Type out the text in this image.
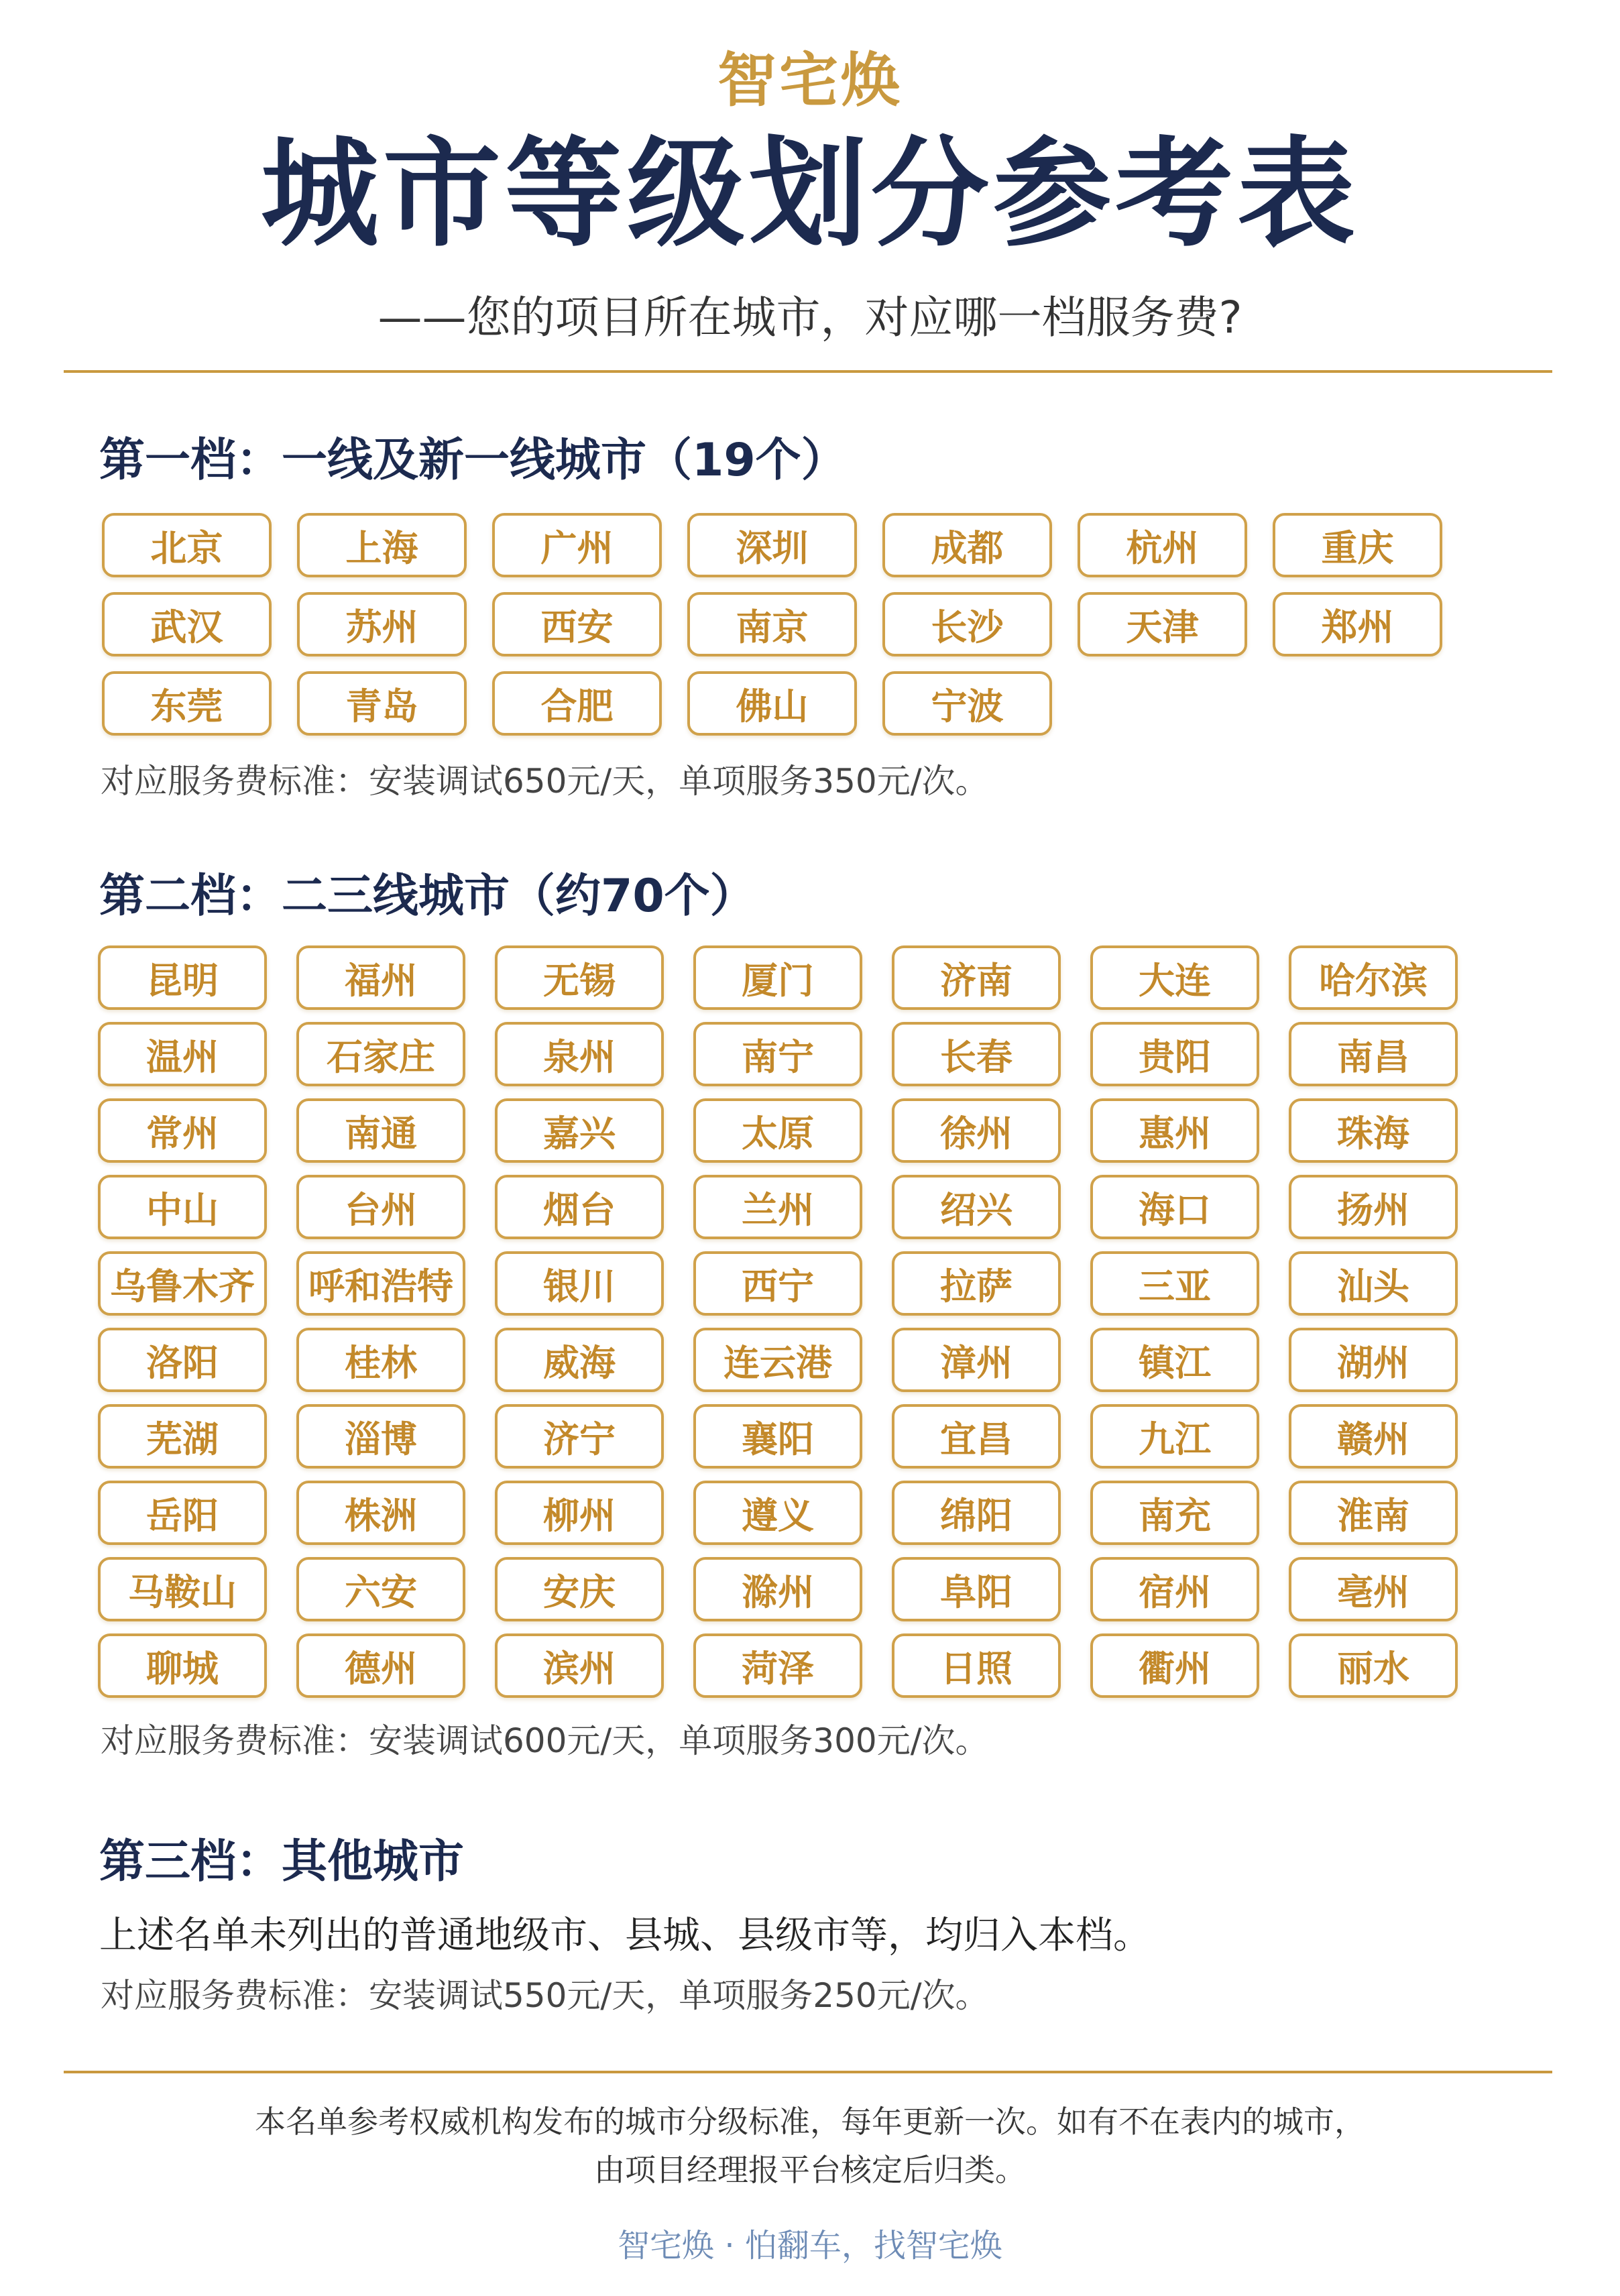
智宅焕
城市等级划分参考表
——您的项目所在城市，对应哪一档服务费?
第一档：一线及新一线城市（19个）
北京	上海	广州	深圳	成都	杭州	重庆
武汉	苏州	西安	南京	长沙	天津	郑州
东莞	青岛	合肥	佛山	宁波
对应服务费标准：安装调试650元/天，单项服务350元/次。
第二档：二三线城市（约70个）
昆明	福州	无锡	厦门	济南	大连	哈尔滨
温州	石家庄	泉州	南宁	长春	贵阳	南昌
常州	南通	嘉兴	太原	徐州	惠州	珠海
中山	台州	烟台	兰州	绍兴	海口	扬州
乌鲁木齐	呼和浩特	银川	西宁	拉萨	三亚	汕头
洛阳	桂林	威海	连云港	漳州	镇江	湖州
芜湖	淄博	济宁	襄阳	宜昌	九江	赣州
岳阳	株洲	柳州	遵义	绵阳	南充	淮南
马鞍山	六安	安庆	滁州	阜阳	宿州	亳州
聊城	德州	滨州	菏泽	日照	衢州	丽水
对应服务费标准：安装调试600元/天，单项服务300元/次。
第三档：其他城市
上述名单未列出的普通地级市、县城、县级市等，均归入本档。
对应服务费标准：安装调试550元/天，单项服务250元/次。
本名单参考权威机构发布的城市分级标准，每年更新一次。如有不在表内的城市，
由项目经理报平台核定后归类。
智宅焕 · 怕翻车，找智宅焕
